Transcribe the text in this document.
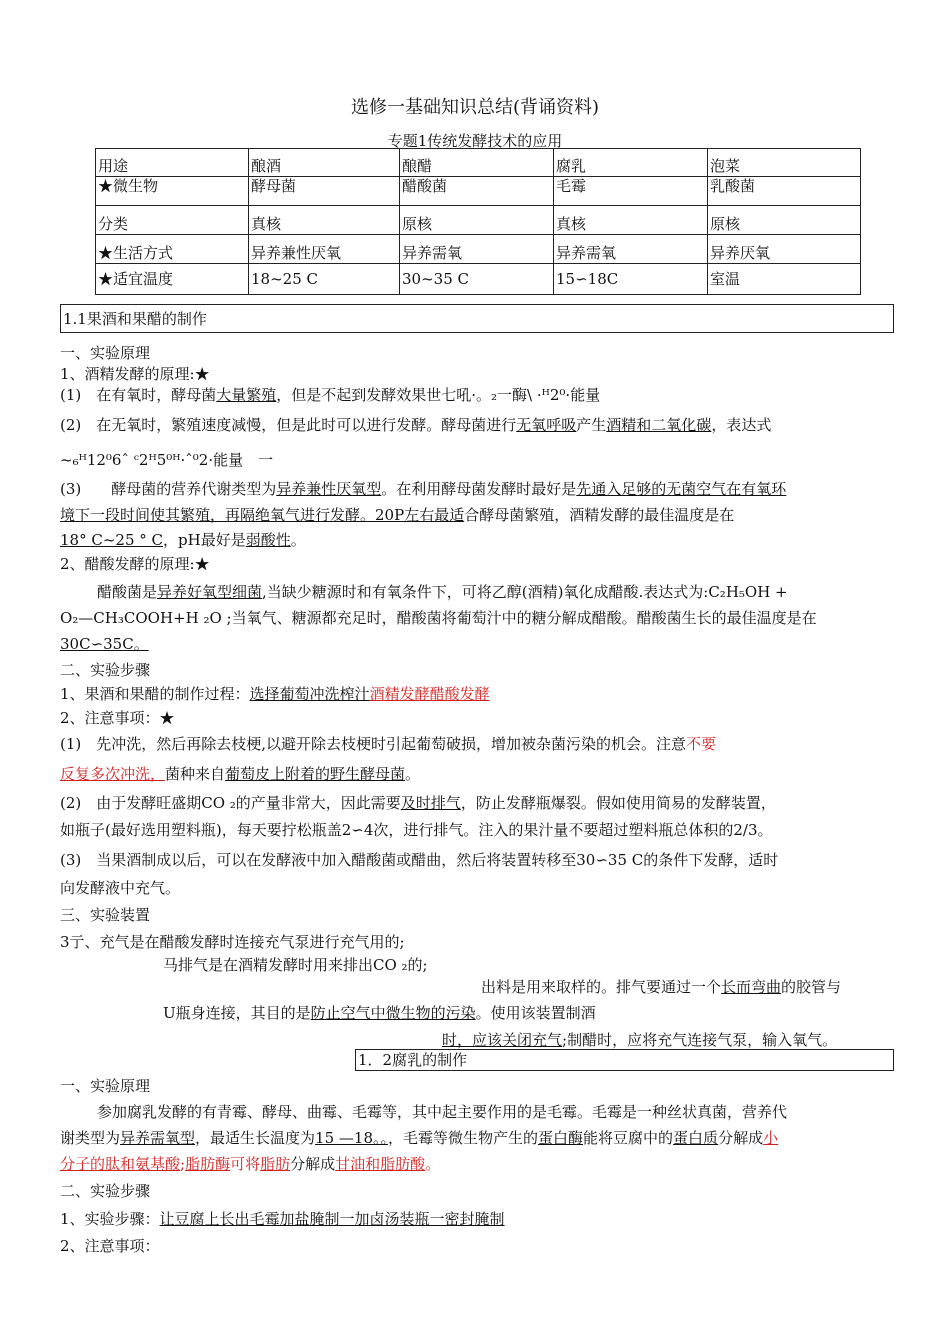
选修一基础知识总结(背诵资料)
专题1传统发酵技术的应用
用途	酿酒	酿醋	腐乳	泡菜
★微生物	酵母菌	醋酸菌	毛霉	乳酸菌
分类	真核	原核	真核	原核
★生活方式	异养兼性厌氧	异养需氧	异养需氧	异养厌氧
★适宜温度	18~25 C	30~35 C	15∽18C	室温
1.1果酒和果醋的制作
一、实验原理
1、酒精发酵的原理:★
(1)　在有氧时，酵母菌大量繁殖，但是不起到发酵效果世七吼·。₂一酶\ ·ᴴ2⁰·能量
(2)　在无氧时，繁殖速度减慢，但是此时可以进行发酵。酵母菌进行无氧呼吸产生酒精和二氧化碳，表达式
~₆ᴴ12⁰6ˆ ᶜ2ᴴ5⁰ᴴ·ˆ⁰2·能量　一
(3)　　酵母菌的营养代谢类型为异养兼性厌氧型。在利用酵母菌发酵时最好是先通入足够的无菌空气在有氧环
境下一段时间使其繁殖，再隔绝氧气进行发酵。20P左右最适合酵母菌繁殖，酒精发酵的最佳温度是在
18° C~25 ° C，pH最好是弱酸性。
2、醋酸发酵的原理:★
醋酸菌是异养好氧型细菌,当缺少糖源时和有氧条件下，可将乙醇(酒精)氧化成醋酸.表达式为:C₂H₅OH +
O₂—CH₃COOH+H ₂O ;当氧气、糖源都充足时，醋酸菌将葡萄汁中的糖分解成醋酸。醋酸菌生长的最佳温度是在
30C∽35C。
二、实验步骤
1、果酒和果醋的制作过程：选择葡萄冲洗榨汁酒精发酵醋酸发酵
2、注意事项：★
(1)　先冲洗，然后再除去枝梗,以避开除去枝梗时引起葡萄破损，增加被杂菌污染的机会。注意不要
反复多次冲洗，菌种来自葡萄皮上附着的野生酵母菌。
(2)　由于发酵旺盛期CO ₂的产量非常大，因此需要及时排气，防止发酵瓶爆裂。假如使用简易的发酵装置，
如瓶子(最好选用塑料瓶)，每天要拧松瓶盖2∽4次，进行排气。注入的果汁量不要超过塑料瓶总体积的2/3。
(3)　当果酒制成以后，可以在发酵液中加入醋酸菌或醋曲，然后将装置转移至30∽35 C的条件下发酵，适时
向发酵液中充气。
三、实验装置
3亍、充气是在醋酸发酵时连接充气泵进行充气用的;
马排气是在酒精发酵时用来排出CO ₂的;
出料是用来取样的。排气要通过一个长而弯曲的胶管与
U瓶身连接，其目的是防止空气中微生物的污染。使用该装置制酒
时，应该关闭充气;制醋时，应将充气连接气泵，输入氧气。
1．2腐乳的制作
一、实验原理
参加腐乳发酵的有青霉、酵母、曲霉、毛霉等，其中起主要作用的是毛霉。毛霉是一种丝状真菌，营养代
谢类型为异养需氧型，最适生长温度为15 —18。。，毛霉等微生物产生的蛋白酶能将豆腐中的蛋白质分解成小
分子的肽和氨基酸;脂肪酶可将脂肪分解成甘油和脂肪酸。
二、实验步骤
1、实验步骤：让豆腐上长出毛霉加盐腌制一加卤汤装瓶一密封腌制
2、注意事项：
